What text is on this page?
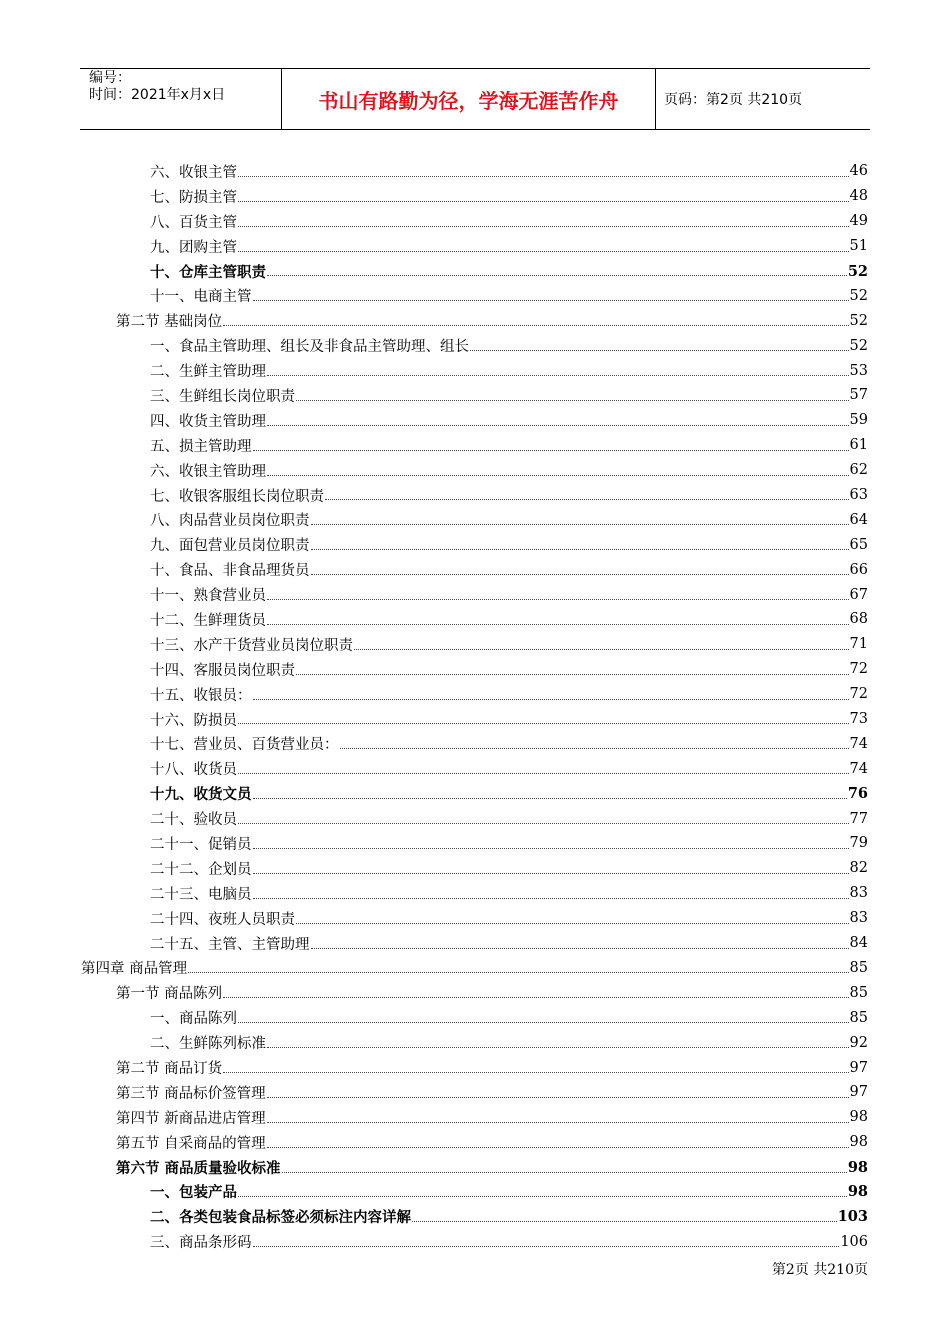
编号：
时间：2021年x月x日	书山有路勤为径，学海无涯苦作舟	页码：第2页 共210页
六、收银主管	46
七、防损主管	48
八、百货主管	49
九、团购主管	51
十、仓库主管职责	52
十一、电商主管	52
第二节 基础岗位	52
一、食品主管助理、组长及非食品主管助理、组长	52
二、生鲜主管助理	53
三、生鲜组长岗位职责	57
四、收货主管助理	59
五、损主管助理	61
六、收银主管助理	62
七、收银客服组长岗位职责	63
八、肉品营业员岗位职责	64
九、面包营业员岗位职责	65
十、食品、非食品理货员	66
十一、熟食营业员	67
十二、生鲜理货员	68
十三、水产干货营业员岗位职责	71
十四、客服员岗位职责	72
十五、收银员：	72
十六、防损员	73
十七、营业员、百货营业员：	74
十八、收货员	74
十九、收货文员	76
二十、验收员	77
二十一、促销员	79
二十二、企划员	82
二十三、电脑员	83
二十四、夜班人员职责	83
二十五、主管、主管助理	84
第四章 商品管理	85
第一节 商品陈列	85
一、商品陈列	85
二、生鲜陈列标准	92
第二节 商品订货	97
第三节 商品标价签管理	97
第四节 新商品进店管理	98
第五节 自采商品的管理	98
第六节 商品质量验收标准	98
一、包装产品	98
二、各类包装食品标签必须标注内容详解	103
三、商品条形码	106
第2页 共210页
